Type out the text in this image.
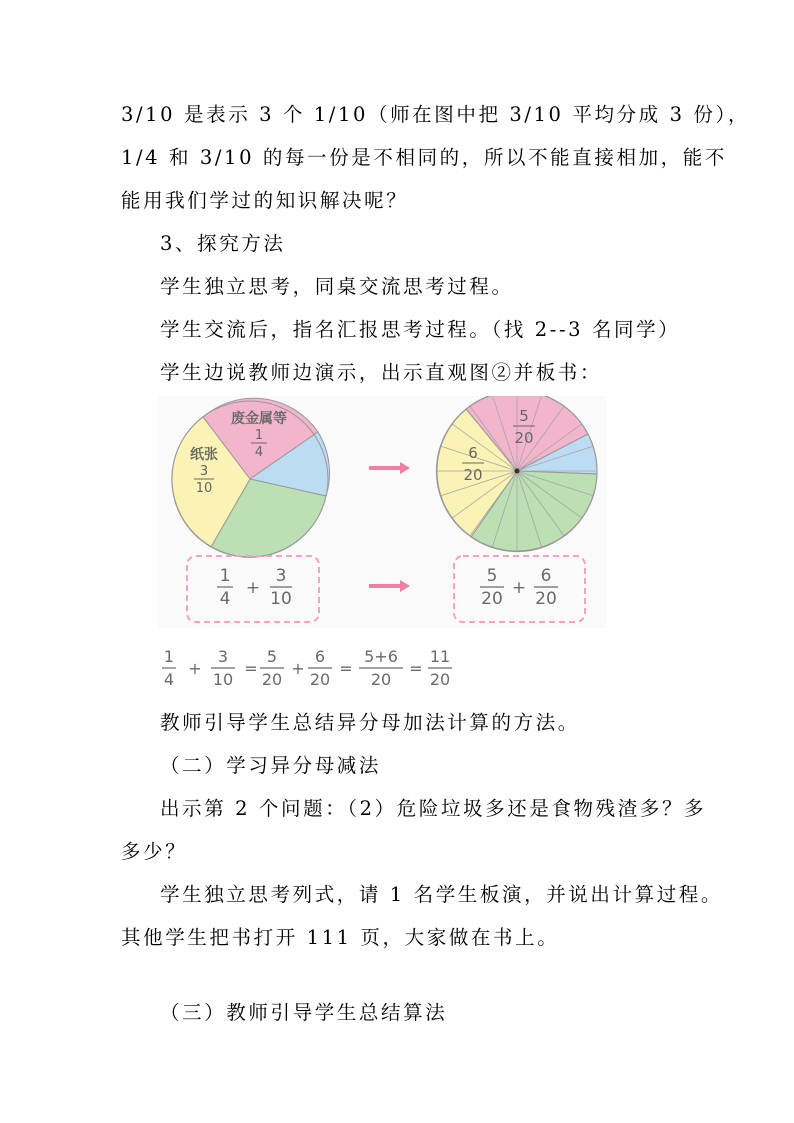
3/10 是表示 3 个 1/10（师在图中把 3/10 平均分成 3 份），
1/4 和 3/10 的每一份是不相同的，所以不能直接相加，能不
能用我们学过的知识解决呢？
3、探究方法
学生独立思考，同桌交流思考过程。
学生交流后，指名汇报思考过程。（找 2--3 名同学）
学生边说教师边演示，出示直观图②并板书：
废金属等
1
4
纸张
3
10
5
20
6
20
1
4
+
3
10
5
20
+
6
20
1
4
+
3
10
=
5
20
+
6
20
=
5+6
20
=
11
20
教师引导学生总结异分母加法计算的方法。
（二）学习异分母减法
出示第 2 个问题：（2）危险垃圾多还是食物残渣多？多
多少？
学生独立思考列式，请 1 名学生板演，并说出计算过程。
其他学生把书打开 111 页，大家做在书上。
（三）教师引导学生总结算法
